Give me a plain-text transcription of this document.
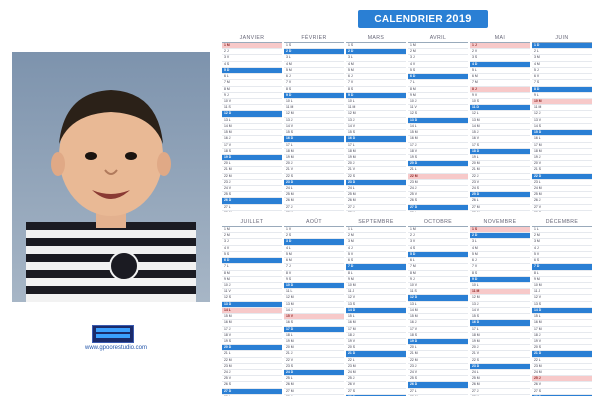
www.gpoorestudio.com
CALENDRIER 2019
JANVIER
1 M
2 J
3 V
4 S
5 D
6 L
7 M
8 M
9 J
10 V
11 S
12 D
13 L
14 M
15 M
16 J
17 V
18 S
19 D
20 L
21 M
22 M
23 J
24 V
25 S
26 D
27 L
FÉVRIER
1 S
2 D
3 L
4 M
5 M
6 J
7 V
8 S
9 D
10 L
11 M
12 M
13 J
14 V
15 S
16 D
17 L
18 M
19 M
20 J
21 V
22 S
23 D
24 L
25 M
26 M
27 J
MARS
1 S
2 D
3 L
4 M
5 M
6 J
7 V
8 S
9 D
10 L
11 M
12 M
13 J
14 V
15 S
16 D
17 L
18 M
19 M
20 J
21 V
22 S
23 D
24 L
25 M
26 M
27 J
AVRIL
1 M
2 M
3 J
4 V
5 S
6 D
7 L
8 M
9 M
10 J
11 V
12 S
13 D
14 L
15 M
16 M
17 J
18 V
19 S
20 D
21 L
22 M
23 M
24 J
25 V
26 S
27 D
MAI
1 J
2 V
3 S
4 D
5 L
6 M
7 M
8 J
9 V
10 S
11 D
12 L
13 M
14 M
15 J
16 V
17 S
18 D
19 L
20 M
21 M
22 J
23 V
24 S
25 D
26 L
27 M
JUIN
1 D
2 L
3 M
4 M
5 J
6 V
7 S
8 D
9 L
10 M
11 M
12 J
13 V
14 S
15 D
16 L
17 M
18 M
19 J
20 V
21 S
22 D
23 L
24 M
25 M
26 J
27 V
JUILLET
1 M
2 M
3 J
4 V
5 S
6 D
7 L
8 M
9 M
10 J
11 V
12 S
13 D
14 L
15 M
16 M
17 J
18 V
19 S
20 D
21 L
22 M
23 M
24 J
25 V
26 S
27 D
AOÛT
1 V
2 S
3 D
4 L
5 M
6 M
7 J
8 V
9 S
10 D
11 L
12 M
13 M
14 J
15 V
16 S
17 D
18 L
19 M
20 M
21 J
22 V
23 S
24 D
25 L
26 M
27 M
SEPTEMBRE
1 L
2 M
3 M
4 J
5 V
6 S
7 D
8 L
9 M
10 M
11 J
12 V
13 S
14 D
15 L
16 M
17 M
18 J
19 V
20 S
21 D
22 L
23 M
24 M
25 J
26 V
27 S
OCTOBRE
1 M
2 J
3 V
4 S
5 D
6 L
7 M
8 M
9 J
10 V
11 S
12 D
13 L
14 M
15 M
16 J
17 V
18 S
19 D
20 L
21 M
22 M
23 J
24 V
25 S
26 D
27 L
NOVEMBRE
1 S
2 D
3 L
4 M
5 M
6 J
7 V
8 S
9 D
10 L
11 M
12 M
13 J
14 V
15 S
16 D
17 L
18 M
19 M
20 J
21 V
22 S
23 D
24 L
25 M
26 M
27 J
DÉCEMBRE
1 L
2 M
3 M
4 J
5 V
6 S
7 D
8 L
9 M
10 M
11 J
12 V
13 S
14 D
15 L
16 M
17 M
18 J
19 V
20 S
21 D
22 L
23 M
24 M
25 J
26 V
27 S
